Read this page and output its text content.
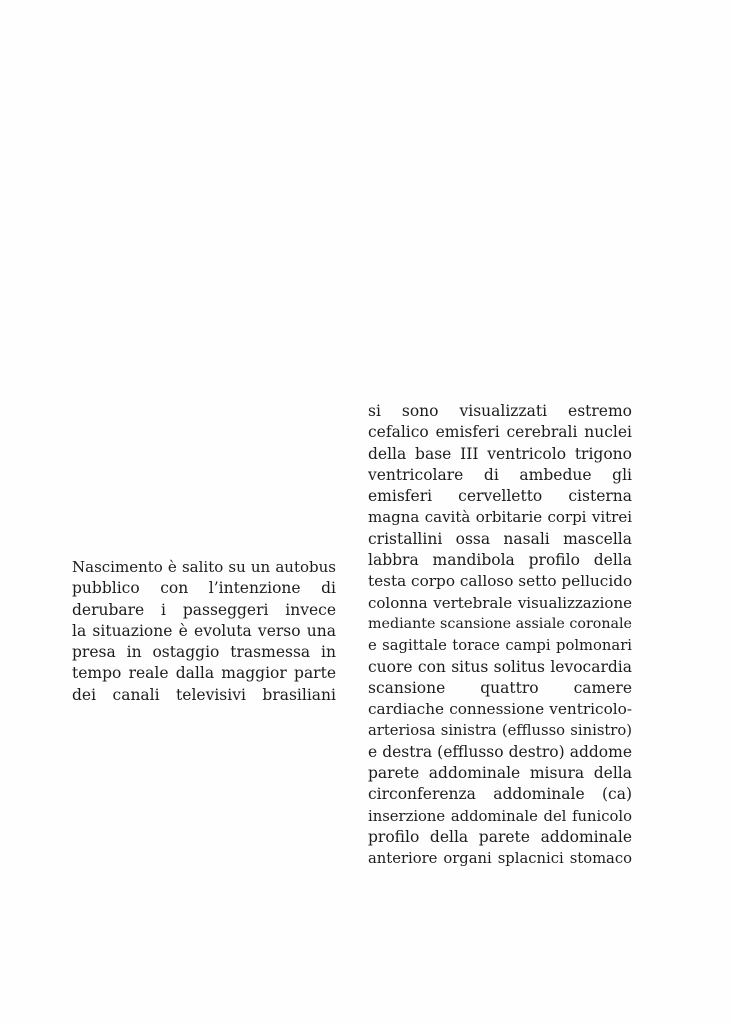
Nascimento è salito su un autobus
pubblico con l’intenzione di
derubare i passeggeri invece
la situazione è evoluta verso una
presa in ostaggio trasmessa in
tempo reale dalla maggior parte
dei canali televisivi brasiliani
si sono visualizzati estremo
cefalico emisferi cerebrali nuclei
della base III ventricolo trigono
ventricolare di ambedue gli
emisferi cervelletto cisterna
magna cavità orbitarie corpi vitrei
cristallini ossa nasali mascella
labbra mandibola profilo della
testa corpo calloso setto pellucido
colonna vertebrale visualizzazione
mediante scansione assiale coronale
e sagittale torace campi polmonari
cuore con situs solitus levocardia
scansione quattro camere
cardiache connessione ventricolo-
arteriosa sinistra (efflusso sinistro)
e destra (efflusso destro) addome
parete addominale misura della
circonferenza addominale (ca)
inserzione addominale del funicolo
profilo della parete addominale
anteriore organi splacnici stomaco
